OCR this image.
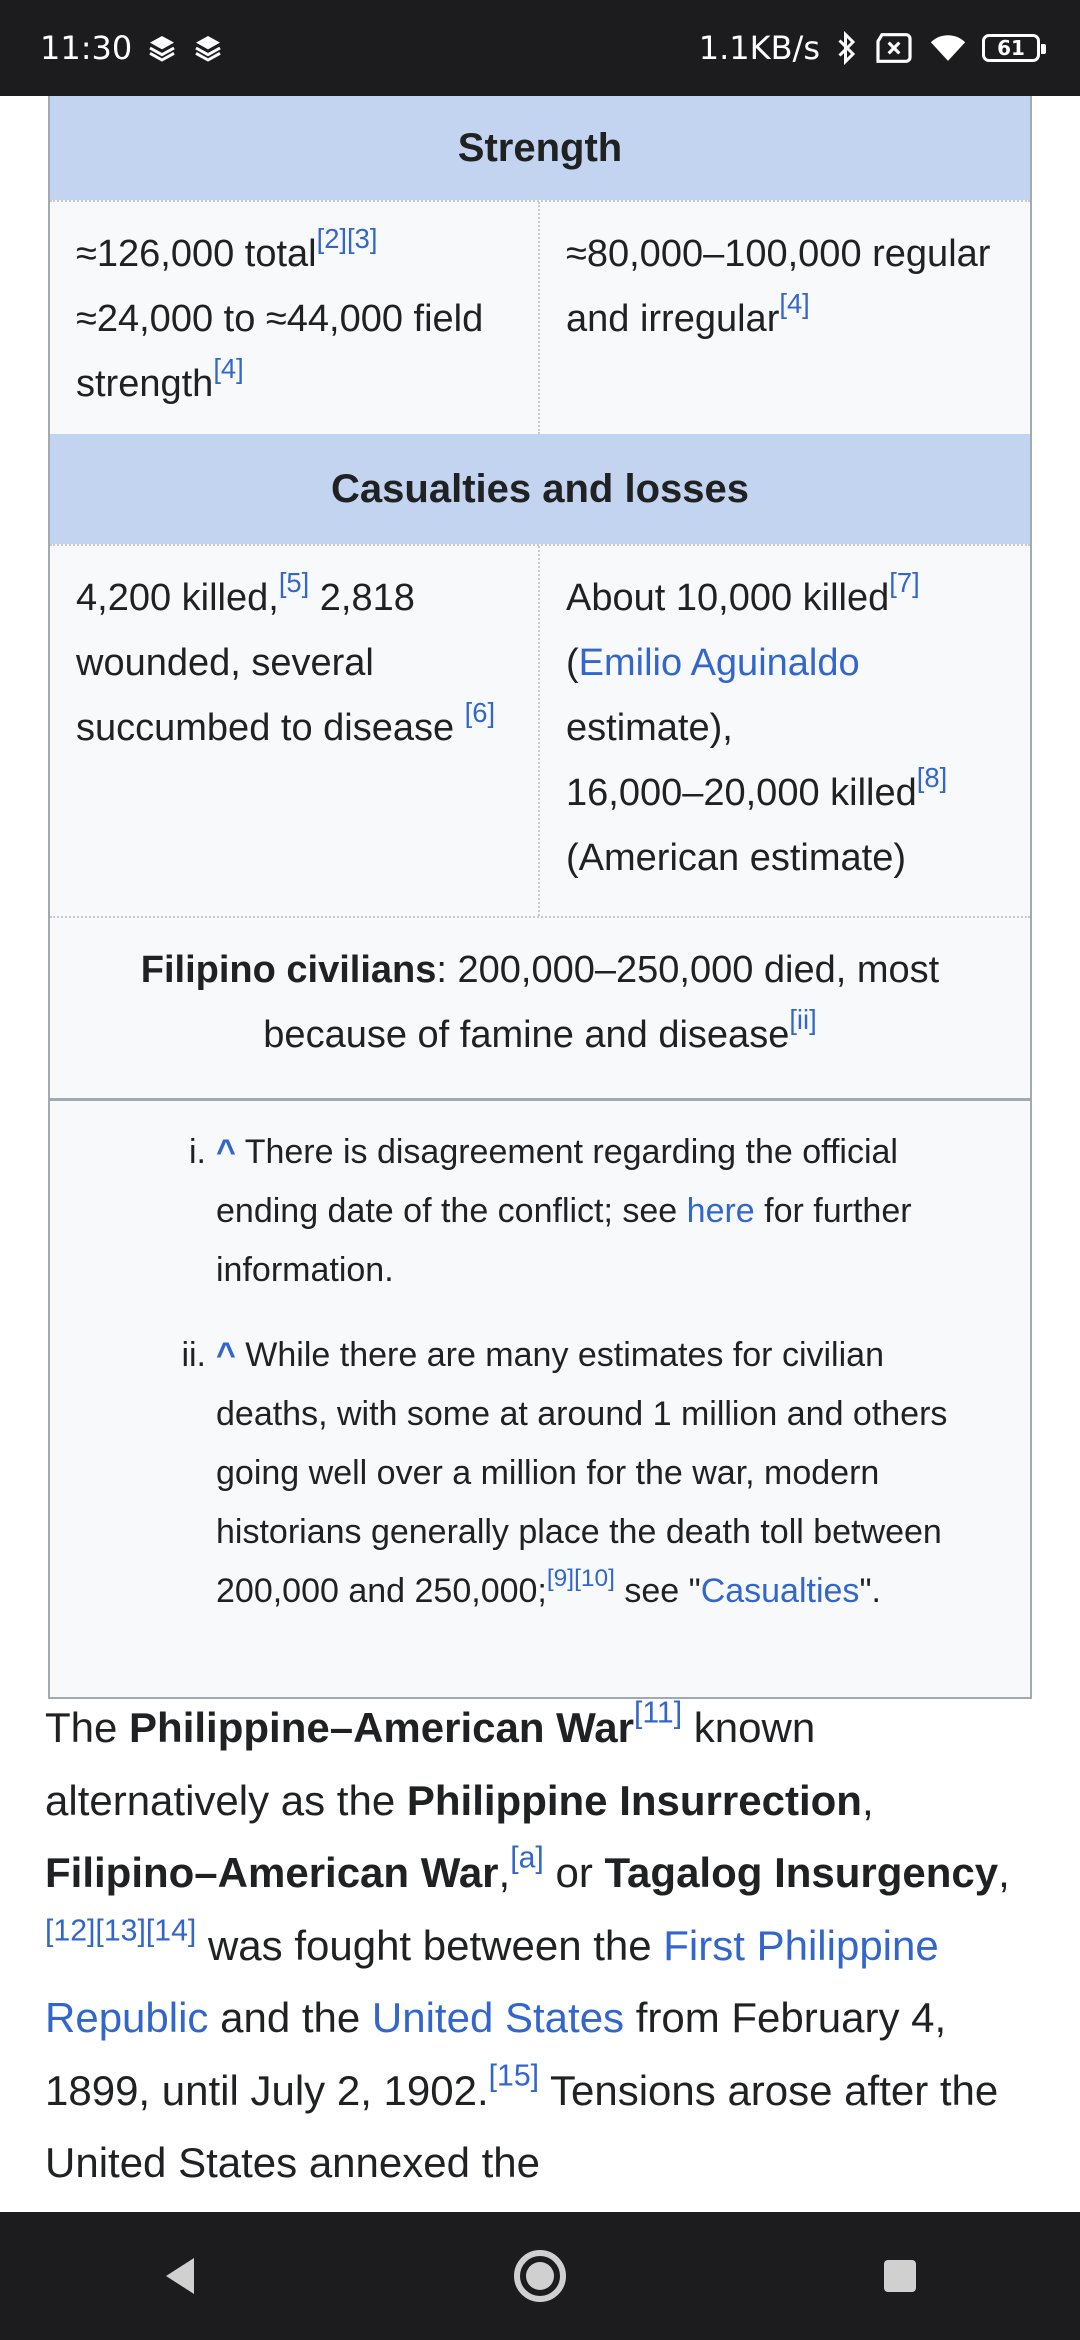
11:30	1.1KB/s	61
Strength
≈126,000 total[2][3]
≈24,000 to ≈44,000 field strength[4]
≈80,000–100,000 regular and irregular[4]
Casualties and losses
4,200 killed,[5] 2,818 wounded, several succumbed to disease [6]
About 10,000 killed[7]
(Emilio Aguinaldo estimate),
16,000–20,000 killed[8]
(American estimate)
Filipino civilians: 200,000–250,000 died, most because of famine and disease[ii]
i. ^ There is disagreement regarding the official ending date of the conflict; see here for further information.
ii. ^ While there are many estimates for civilian deaths, with some at around 1 million and others going well over a million for the war, modern historians generally place the death toll between 200,000 and 250,000;[9][10] see "Casualties".
The Philippine–American War[11] known alternatively as the Philippine Insurrection, Filipino–American War,[a] or Tagalog Insurgency,[12][13][14] was fought between the First Philippine Republic and the United States from February 4, 1899, until July 2, 1902.[15] Tensions arose after the United States annexed the
